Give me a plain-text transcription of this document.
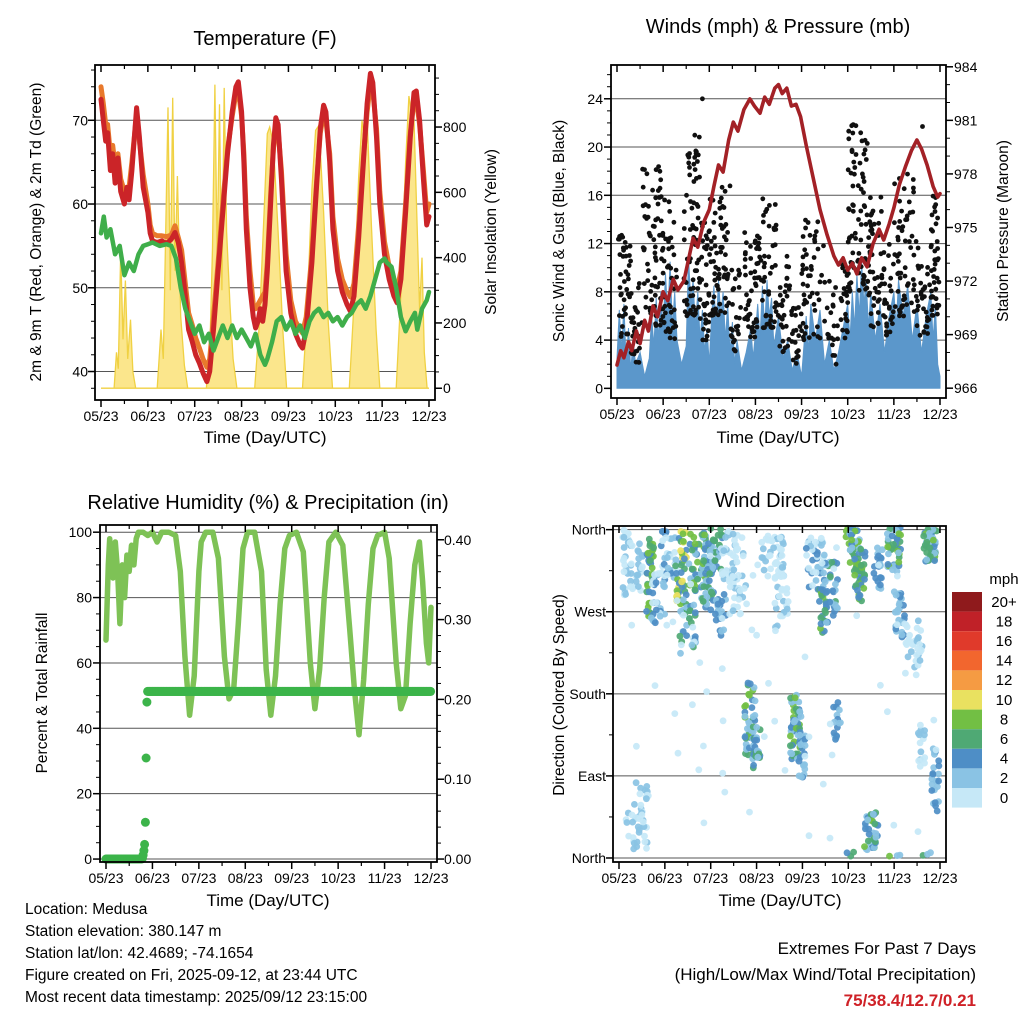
05/23 06/23 07/23 08/23 09/23 10/23 11/23 12/23
40
50
60
70
0
200
400
600
800
05/23 06/23 07/23 08/23 09/23 10/23 11/23 12/23
0
4
8
12
16
20
24
966
969
972
975
978
981
984
05/23 06/23 07/23 08/23 09/23 10/23 11/23 12/23
0
20
40
60
80
100
0.00
0.10
0.20
0.30
0.40
05/23 06/23 07/23 08/23 09/23 10/23 11/23 12/23
North
East
South
West
North
mph
20+
18
16
14
12
10
8
6
4
2
0
Temperature (F)
Winds (mph) & Pressure (mb)
Relative Humidity (%) & Precipitation (in)	Wind Direction
Time (Day/UTC)	Time (Day/UTC)
Time (Day/UTC)	Time (Day/UTC)
2m & 9m T (Red, Orange) & 2m Td (Green)	Solar Insolation (Yellow)	Sonic Wind & Gust (Blue, Black)	Station Pressure (Maroon)
Percent & Total Rainfall	Direction (Colored By Speed)
Location: Medusa
Station elevation: 380.147 m
Station lat/lon: 42.4689; -74.1654
Figure created on Fri, 2025-09-12, at 23:44 UTC
Most recent data timestamp: 2025/09/12 23:15:00
Extremes For Past 7 Days
(High/Low/Max Wind/Total Precipitation)
75/38.4/12.7/0.21
